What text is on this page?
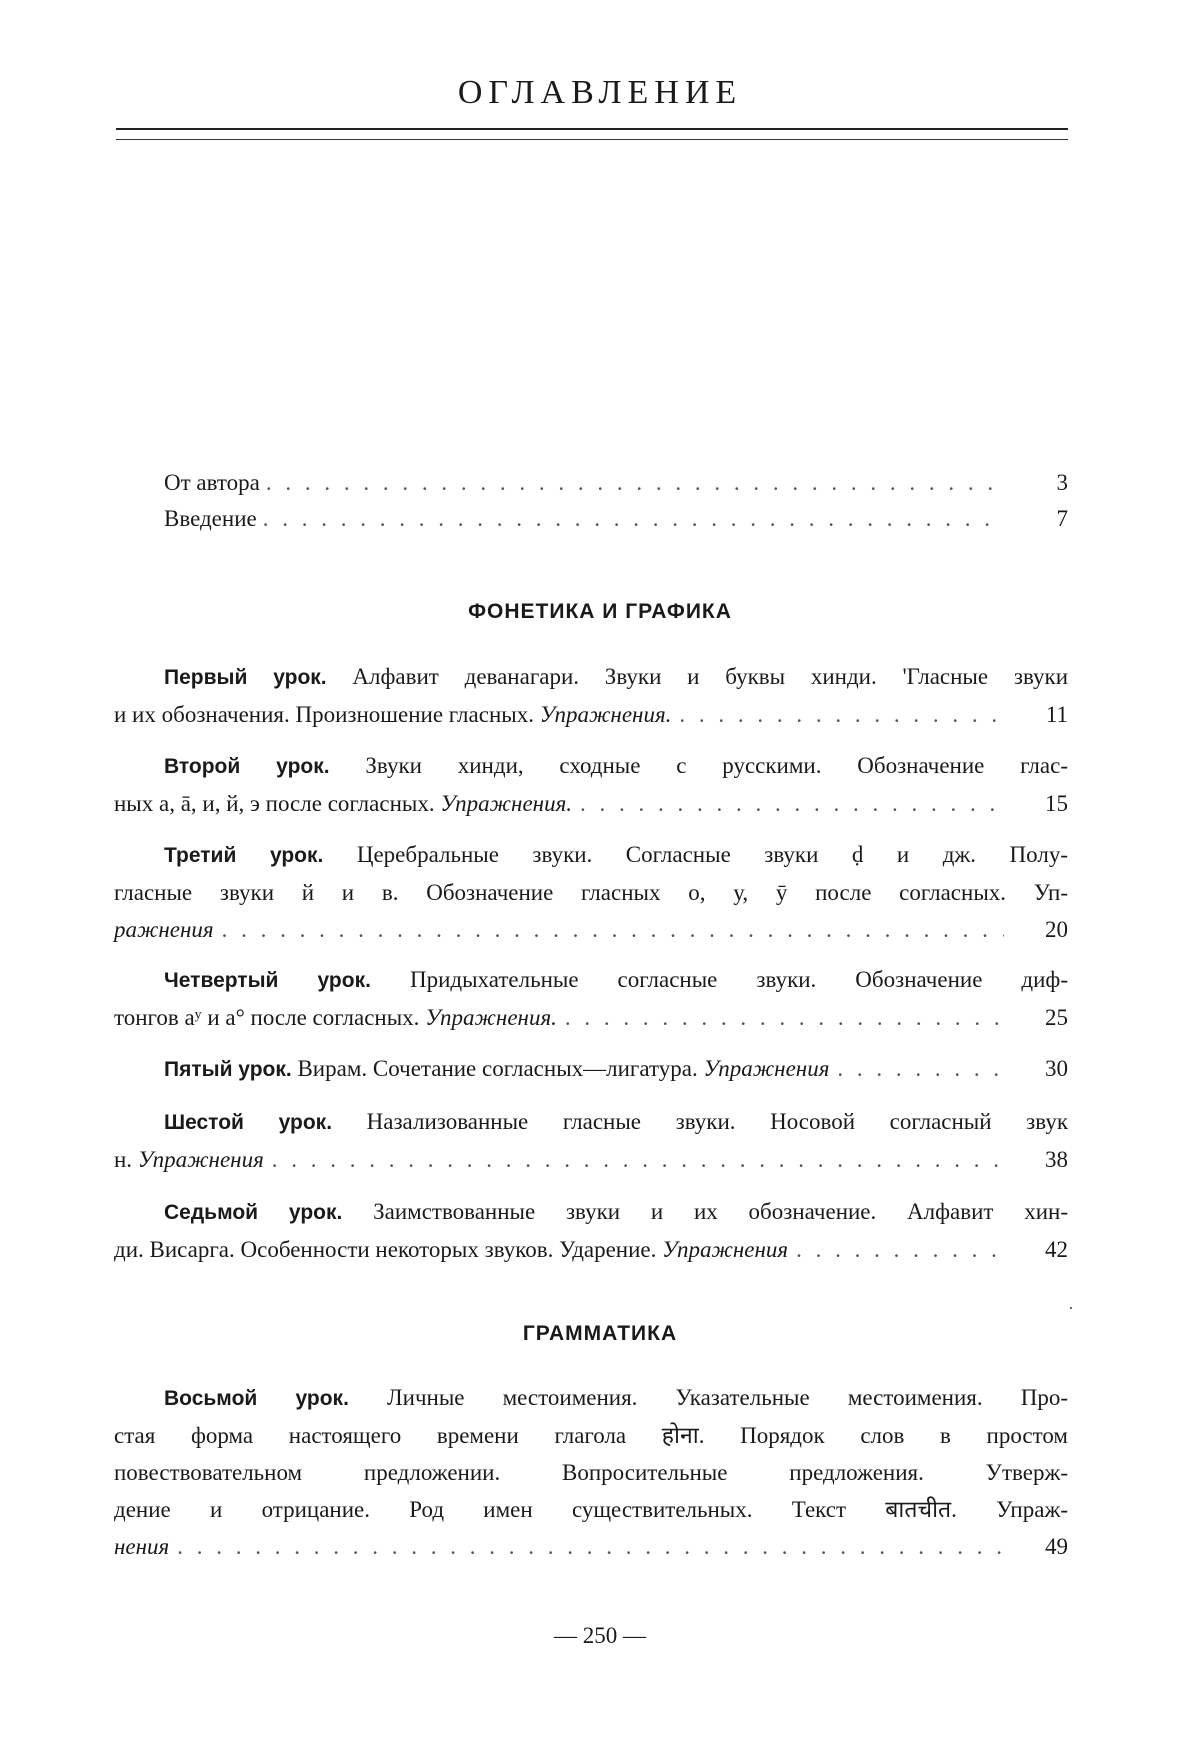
ОГЛАВЛЕНИЕ
От автора . . .	3
Введение . . .	7
ФОНЕТИКА И ГРАФИКА
Первый урок. Алфавит деванагари. Звуки и буквы хинди. 'Гласные звуки
и их обозначения. Произношение гласных.
Упражнения. . . .	11
Второй урок. Звуки хинди, сходные с русскими. Обозначение глас-
ных а, ā, и, й, э
после согласных.
Упражнения. . . .	15
Третий урок. Церебральные звуки. Согласные звуки ḍ и дж. Полу-
гласные звуки й и в. Обозначение гласных о, у, ӯ после согласных. Уп-
ражнения . . .	20
Четвертый урок. Придыхательные согласные звуки. Обозначение диф-
тонгов аʸ и а° после согласных.
Упражнения. . . .	25
Пятый урок.
Вирам. Сочетание согласных—лигатура.
Упражнения . . .	30
Шестой урок. Назализованные гласные звуки. Носовой согласный звук
н.
Упражнения . . .	38
Седьмой урок. Заимствованные звуки и их обозначение. Алфавит хин-
ди. Висарга. Особенности некоторых звуков. Ударение.
Упражнения . . .	42
·
ГРАММАТИКА
Восьмой урок. Личные местоимения. Указательные местоимения. Про-
стая форма настоящего времени глагола होना. Порядок слов в простом
повествовательном предложении. Вопросительные предложения. Утверж-
дение и отрицание. Род имен существительных. Текст बातचीत. Упраж-
нения . . .	49
— 250 —
